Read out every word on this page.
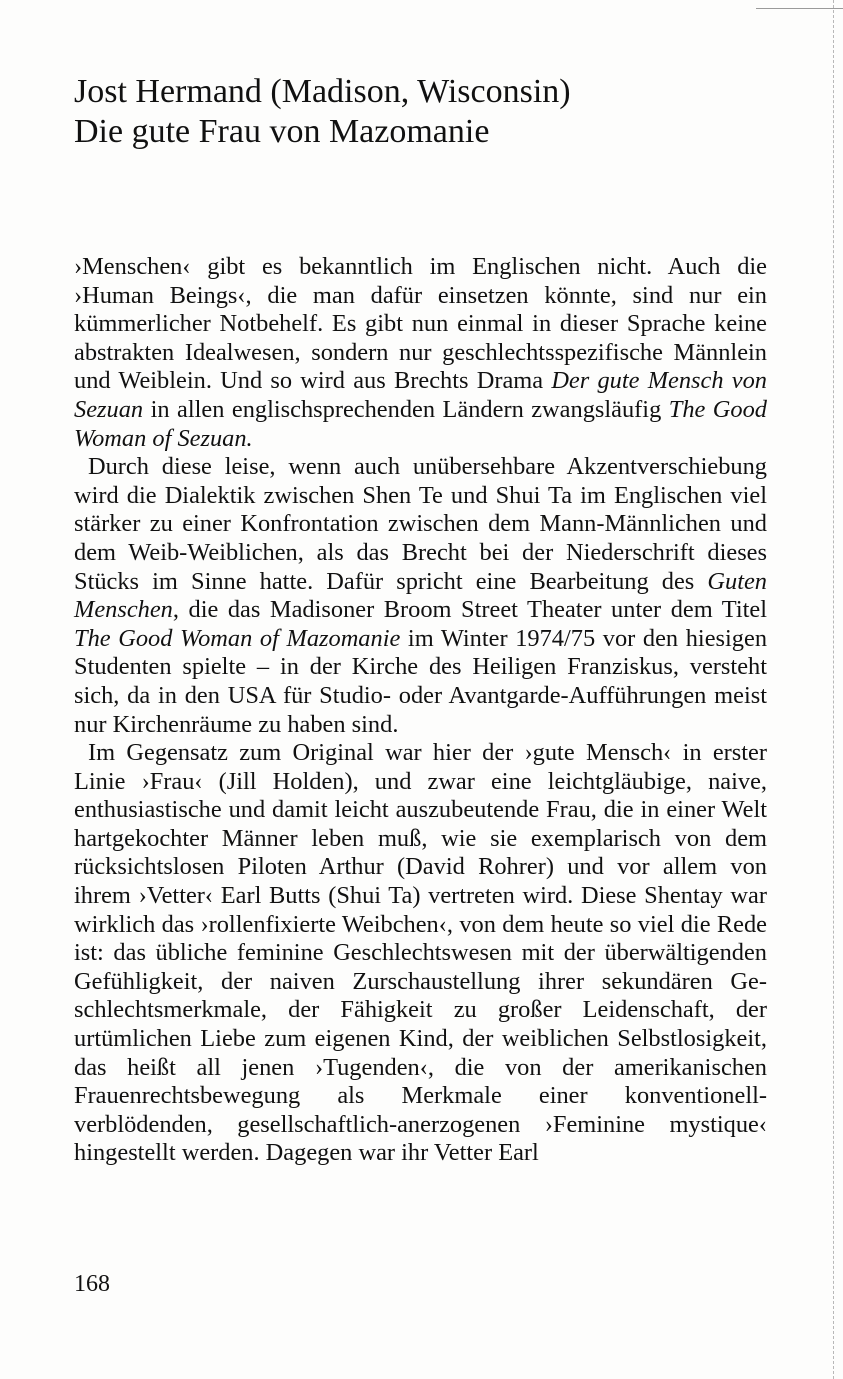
Jost Hermand (Madison, Wisconsin)
Die gute Frau von Mazomanie

›Menschen‹ gibt es bekanntlich im Englischen nicht. Auch die ›Human Beings‹, die man dafür einsetzen könnte, sind nur ein kümmerlicher Notbehelf. Es gibt nun einmal in dieser Sprache keine abstrakten Idealwesen, sondern nur geschlechtsspezifische Männlein und Weiblein. Und so wird aus Brechts Drama Der gute Mensch von Sezuan in allen englischsprechenden Ländern zwangsläufig The Good Woman of Sezuan.

Durch diese leise, wenn auch unübersehbare Akzentverschiebung wird die Dialektik zwischen Shen Te und Shui Ta im Englischen viel stärker zu einer Konfrontation zwischen dem Mann-Männlichen und dem Weib-Weiblichen, als das Brecht bei der Niederschrift dieses Stücks im Sinne hatte. Dafür spricht eine Bearbeitung des Guten Menschen, die das Madisoner Broom Street Theater unter dem Titel The Good Woman of Mazomanie im Winter 1974/75 vor den hiesigen Studenten spielte – in der Kirche des Heiligen Franziskus, versteht sich, da in den USA für Studio- oder Avantgarde-Aufführungen meist nur Kirchenräume zu haben sind.

Im Gegensatz zum Original war hier der ›gute Mensch‹ in erster Linie ›Frau‹ (Jill Holden), und zwar eine leichtgläubige, naive, enthusiastische und damit leicht auszubeutende Frau, die in einer Welt hartgekochter Männer leben muß, wie sie exemplarisch von dem rücksichtslosen Piloten Arthur (David Rohrer) und vor allem von ihrem ›Vetter‹ Earl Butts (Shui Ta) vertreten wird. Diese Shentay war wirklich das ›rollenfixierte Weibchen‹, von dem heute so viel die Rede ist: das übliche feminine Geschlechtswesen mit der überwältigenden Gefühligkeit, der naiven Zurschaustellung ihrer sekundären Geschlechtsmerkmale, der Fähigkeit zu großer Leidenschaft, der urtümlichen Liebe zum eigenen Kind, der weiblichen Selbstlosigkeit, das heißt all jenen ›Tugenden‹, die von der amerikanischen Frauenrechtsbewegung als Merkmale einer konventionell-verblödenden, gesellschaftlich-anerzogenen ›Feminine mystique‹ hingestellt werden. Dagegen war ihr Vetter Earl

168
